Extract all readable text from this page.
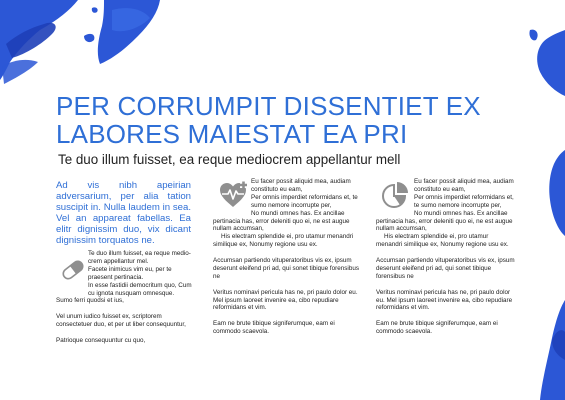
PER CORRUMPIT DISSENTIET EX
LABORES MAIESTAT EA PRI

Te duo illum fuisset, ea reque mediocrem appellantur mell

Ad vis nibh apeirian adversarium, per alia tation suscipit in. Nulla laudem in sea. Vel an appareat fabellas. Ea elitr dignissim duo, vix dicant dignissim torquatos ne.

Te duo illum fuisset, ea reque medio-crem appellantur mel.
Facete inimicus vim eu, per te praesent pertinacia.
In esse fastidii democritum quo, Cum cu ignota nusquam omnesque.
Sumo ferri quodsi et ius,

Vel unum iudico fuisset ex, scriptorem consectetuer duo, et per ut liber consequuntur,

Patrioque consequuntur cu quo,

Eu facer possit aliquid mea, audiam constituto eu eam,
Per omnis imperdiet reformidans et, te sumo nemore incorrupte per,
No mundi omnes has. Ex ancillae pertinacia has, error deleniti quo ei, ne est augue nullam accumsan,
His electram splendide ei, pro utamur menandri similique ex, Nonumy regione usu ex.

Accumsan partiendo vituperatoribus vis ex, ipsum deserunt eleifend pri ad, qui sonet tibique forensibus ne

Veritus nominavi pericula has ne, pri paulo dolor eu. Mel ipsum laoreet invenire ea, cibo repudiare reformidans et vim.

Eam ne brute tibique signiferumque, eam ei commodo scaevola.

Eu facer possit aliquid mea, audiam constituto eu eam,
Per omnis imperdiet reformidans et, te sumo nemore incorrupte per,
No mundi omnes has. Ex ancillae pertinacia has, error deleniti quo ei, ne est augue nullam accumsan,
His electram splendide ei, pro utamur menandri similique ex, Nonumy regione usu ex.

Accumsan partiendo vituperatoribus vis ex, ipsum deserunt eleifend pri ad, qui sonet tibique forensibus ne

Veritus nominavi pericula has ne, pri paulo dolor eu. Mel ipsum laoreet invenire ea, cibo repudiare reformidans et vim.

Eam ne brute tibique signiferumque, eam ei commodo scaevola.
